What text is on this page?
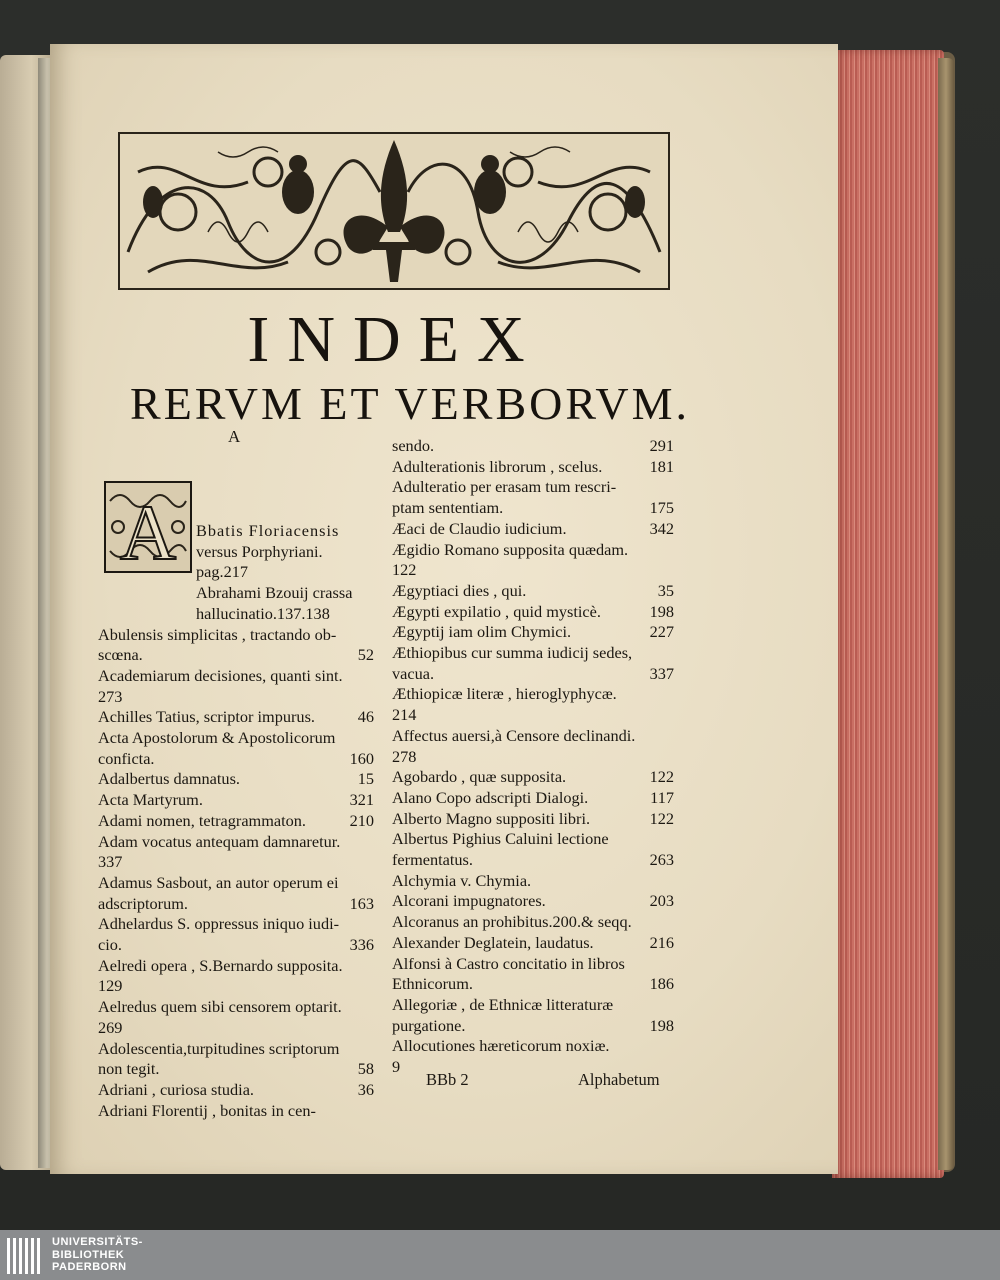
INDEX
RERVM ET VERBORVM.
A
A	Bbatis Floriacensis
versus Porphyriani.
pag.217
Abrahami Bzouij crassa
hallucinatio.137.138
Abulensis simplicitas , tractando ob-
scœna.	52
Academiarum decisiones, quanti sint.
273
Achilles Tatius, scriptor impurus.	46
Acta Apostolorum & Apostolicorum
conficta.	160
Adalbertus damnatus.	15
Acta Martyrum.	321
Adami nomen, tetragrammaton.	210
Adam vocatus antequam damnaretur.
337
Adamus Sasbout, an autor operum ei
adscriptorum.	163
Adhelardus S. oppressus iniquo iudi-
cio.	336
Aelredi opera , S.Bernardo supposita.
129
Aelredus quem sibi censorem optarit.
269
Adolescentia,turpitudines scriptorum
non tegit.	58
Adriani , curiosa studia.	36
Adriani Florentij , bonitas in cen-
sendo.	291
Adulterationis librorum , scelus.	181
Adulteratio per erasam tum rescri-
ptam sententiam.	175
Æaci de Claudio iudicium.	342
Ægidio Romano supposita quædam.
122
Ægyptiaci dies , qui.	35
Ægypti expilatio , quid mysticè.	198
Ægyptij iam olim Chymici.	227
Æthiopibus cur summa iudicij sedes,
vacua.	337
Æthiopicæ literæ , hieroglyphycæ.
214
Affectus auersi,à Censore declinandi.
278
Agobardo , quæ supposita.	122
Alano Copo adscripti Dialogi.	117
Alberto Magno suppositi libri.	122
Albertus Pighius Caluini lectione
fermentatus.	263
Alchymia v. Chymia.
Alcorani impugnatores.	203
Alcoranus an prohibitus.200.& seqq.
Alexander Deglatein, laudatus.	216
Alfonsi à Castro concitatio in libros
Ethnicorum.	186
Allegoriæ , de Ethnicæ litteraturæ
purgatione.	198
Allocutiones hæreticorum noxiæ.
9
BBb 2	Alphabetum
UNIVERSITÄTS-
BIBLIOTHEK
PADERBORN
